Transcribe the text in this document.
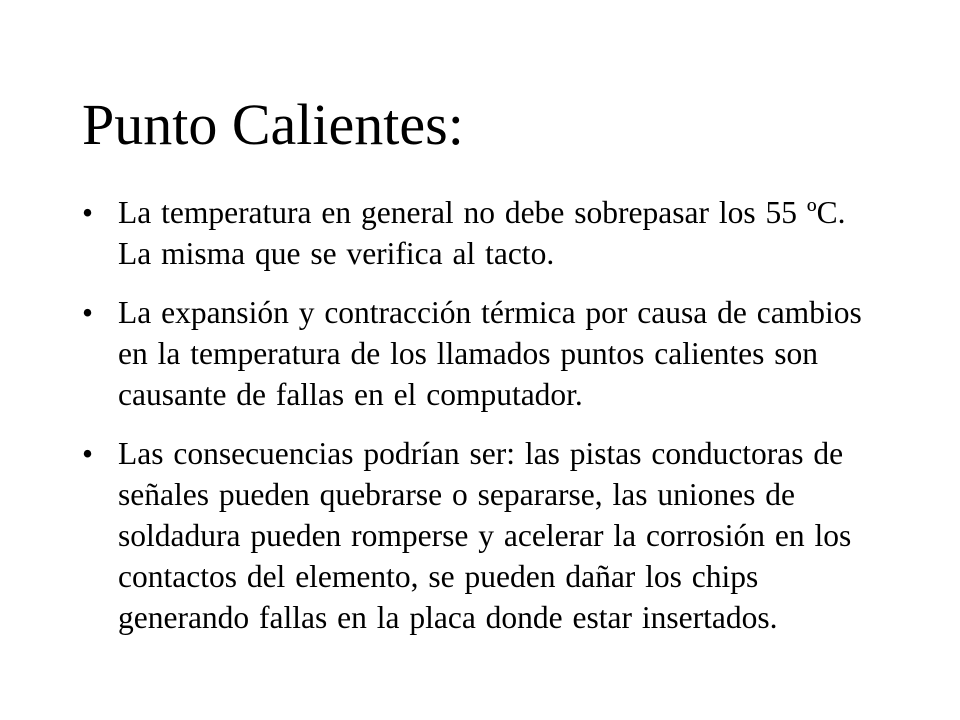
Punto Calientes:
• La temperatura en general no debe sobrepasar los 55 ºC. La misma que se verifica al tacto.
• La expansión y contracción térmica por causa de cambios en la temperatura de los llamados puntos calientes son causante de fallas en el computador.
• Las consecuencias podrían ser: las pistas conductoras de señales pueden quebrarse o separarse, las uniones de soldadura pueden romperse y acelerar la corrosión en los contactos del elemento, se pueden dañar los chips generando fallas en la placa donde estar insertados.
